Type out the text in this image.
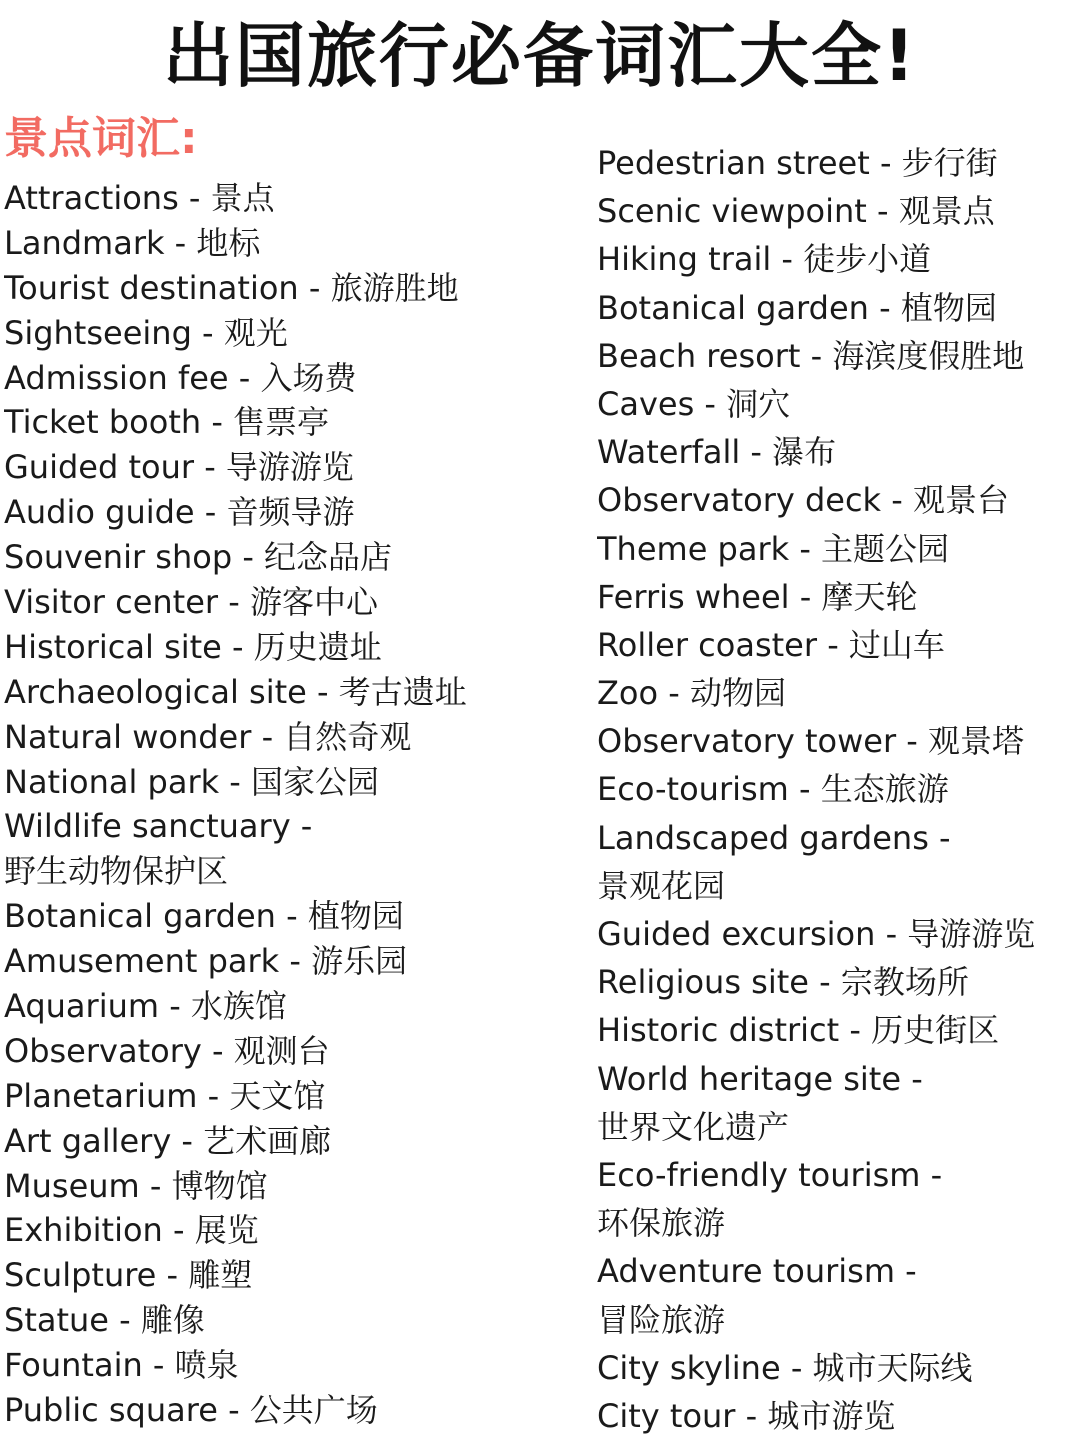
出国旅行必备词汇大全!
景点词汇:
Attractions - 景点
Landmark - 地标
Tourist destination - 旅游胜地
Sightseeing - 观光
Admission fee - 入场费
Ticket booth - 售票亭
Guided tour - 导游游览
Audio guide - 音频导游
Souvenir shop - 纪念品店
Visitor center - 游客中心
Historical site - 历史遗址
Archaeological site - 考古遗址
Natural wonder - 自然奇观
National park - 国家公园
Wildlife sanctuary -
野生动物保护区
Botanical garden - 植物园
Amusement park - 游乐园
Aquarium - 水族馆
Observatory - 观测台
Planetarium - 天文馆
Art gallery - 艺术画廊
Museum - 博物馆
Exhibition - 展览
Sculpture - 雕塑
Statue - 雕像
Fountain - 喷泉
Public square - 公共广场
Pedestrian street - 步行街
Scenic viewpoint - 观景点
Hiking trail - 徒步小道
Botanical garden - 植物园
Beach resort - 海滨度假胜地
Caves - 洞穴
Waterfall - 瀑布
Observatory deck - 观景台
Theme park - 主题公园
Ferris wheel - 摩天轮
Roller coaster - 过山车
Zoo - 动物园
Observatory tower - 观景塔
Eco-tourism - 生态旅游
Landscaped gardens -
景观花园
Guided excursion - 导游游览
Religious site - 宗教场所
Historic district - 历史街区
World heritage site -
世界文化遗产
Eco-friendly tourism -
环保旅游
Adventure tourism -
冒险旅游
City skyline - 城市天际线
City tour - 城市游览
